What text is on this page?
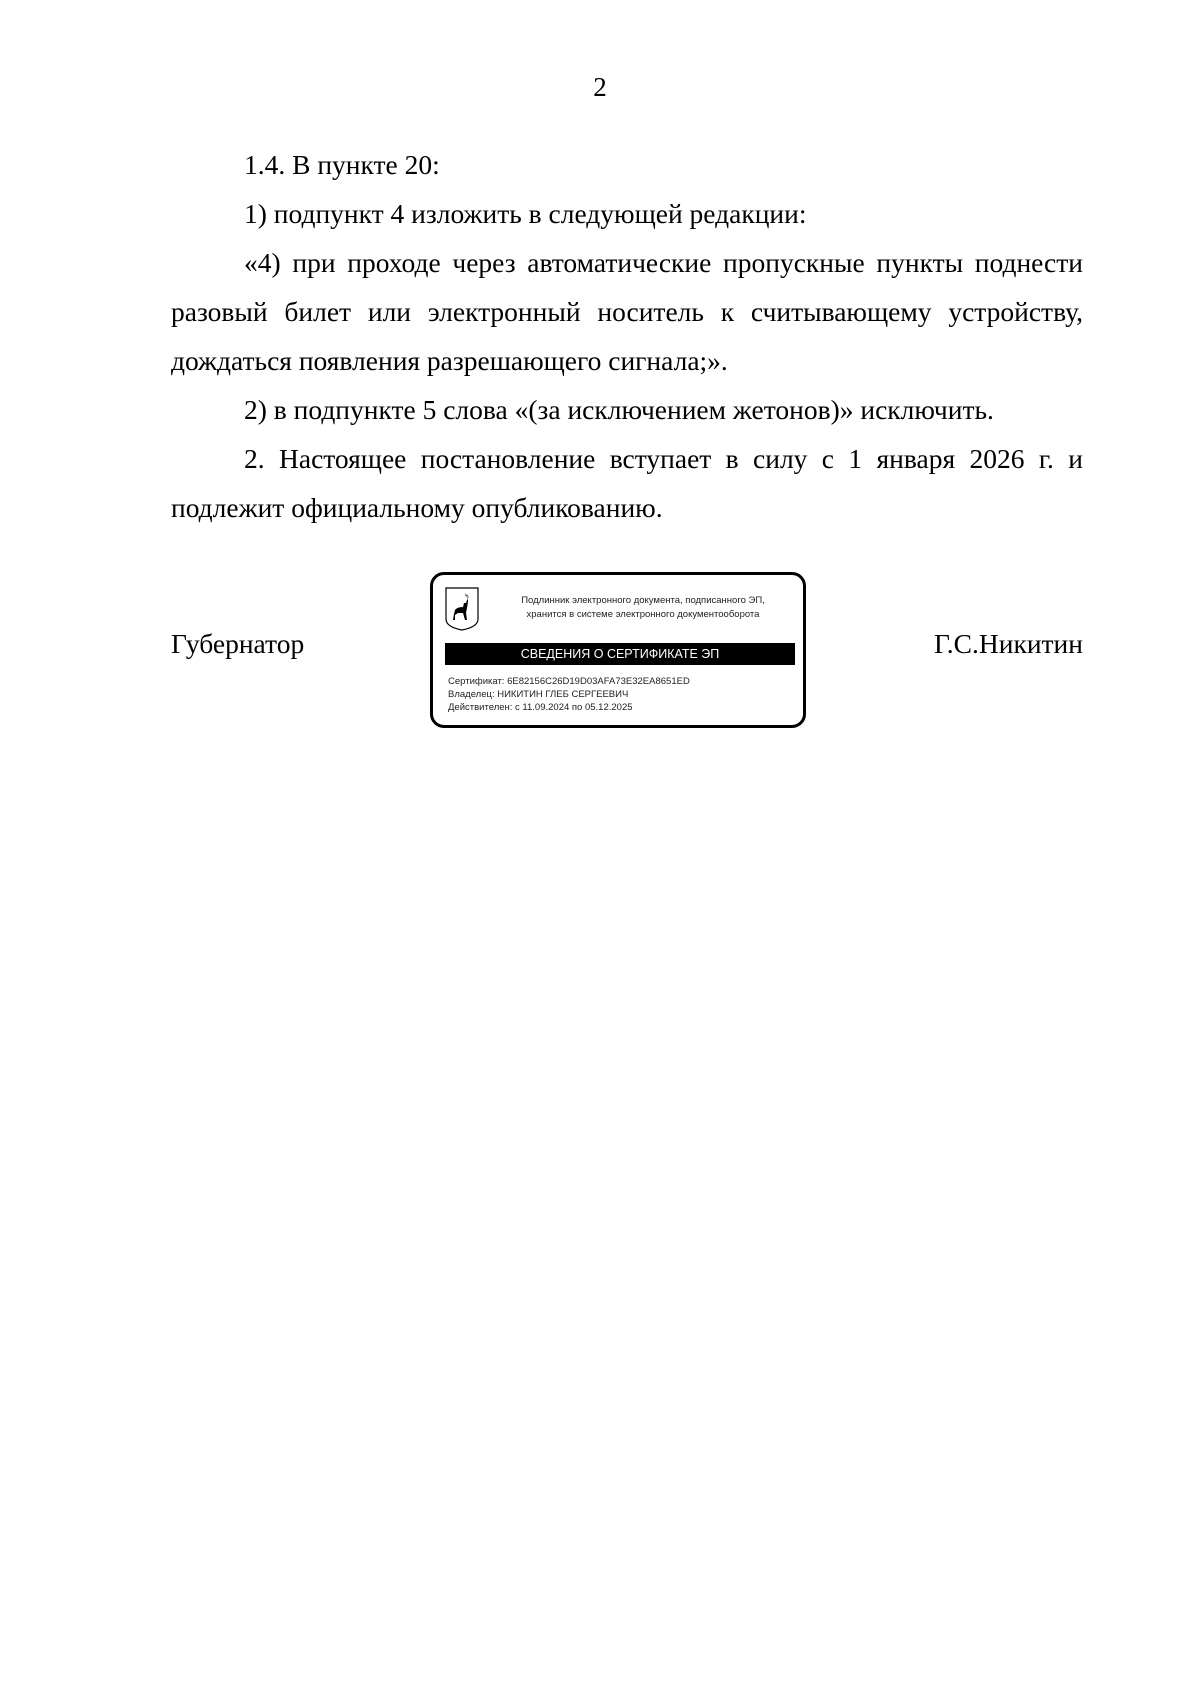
2

1.4. В пункте 20:

1) подпункт 4 изложить в следующей редакции:

«4) при проходе через автоматические пропускные пункты поднести разовый билет или электронный носитель к считывающему устройству, дождаться появления разрешающего сигнала;».

2) в подпункте 5 слова «(за исключением жетонов)» исключить.

2. Настоящее постановление вступает в силу с 1 января 2026 г. и подлежит официальному опубликованию.

Губернатор	Г.С.Никитин
Подлинник электронного документа, подписанного ЭП,
хранится в системе электронного документооборота
СВЕДЕНИЯ О СЕРТИФИКАТЕ ЭП
Сертификат: 6E82156C26D19D03AFA73E32EA8651ED
Владелец: НИКИТИН ГЛЕБ СЕРГЕЕВИЧ
Действителен: с 11.09.2024 по 05.12.2025
